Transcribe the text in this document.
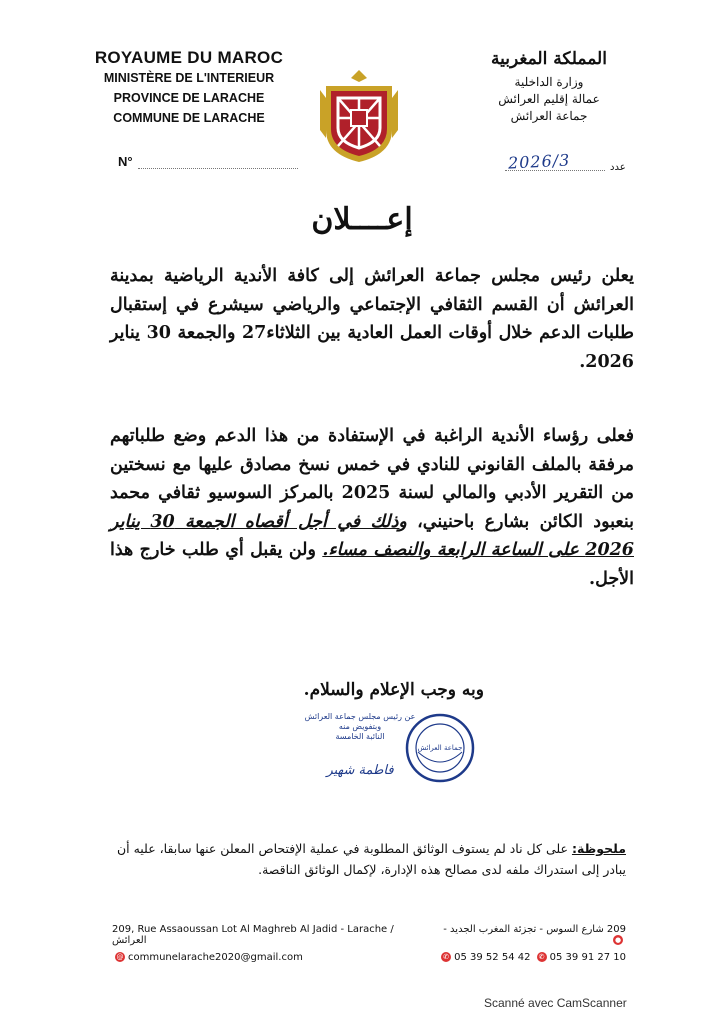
ROYAUME DU MAROC
MINISTÈRE DE L'INTERIEUR
PROVINCE DE LARACHE
COMMUNE DE LARACHE
N°
المملكة المغربية
وزارة الداخلية
عمالة إقليم العرائش
جماعة العرائش
2026/3	عدد
إعــــلان
يعلن رئيس مجلس جماعة العرائش إلى كافة الأندية الرياضية بمدينة العرائش أن القسم الثقافي الإجتماعي والرياضي سيشرع في إستقبال طلبات الدعم خلال أوقات العمل العادية بين الثلاثاء27 والجمعة 30 يناير 2026.
فعلى رؤساء الأندية الراغبة في الإستفادة من هذا الدعم وضع طلباتهم مرفقة بالملف القانوني للنادي في خمس نسخ مصادق عليها مع نسختين من التقرير الأدبي والمالي لسنة 2025 بالمركز السوسيو ثقافي محمد بنعبود الكائن بشارع باحنيني، وذلك في أجل أقصاه الجمعة 30 يناير 2026 على الساعة الرابعة والنصف مساء. ولن يقبل أي طلب خارج هذا الأجل.
وبه وجب الإعلام والسلام.
عن رئيس مجلس جماعة العرائش
وبتفويض منه
النائبة الخامسة
فاطمة شهير
جماعة العرائش
ملحوظة: على كل ناد لم يستوف الوثائق المطلوبة في عملية الإفتحاص المعلن عنها سابقا، عليه أن يبادر إلى استدراك ملفه لدى مصالح هذه الإدارة، لإكمال الوثائق الناقصة.
209, Rue Assaoussan Lot Al Maghreb Al Jadid - Larache / العرائش
209 شارع السوس - تجزئة المغرب الجديد -●
@ communelarache2020@gmail.com	✆ 05 39 52 54 42 ✆ 05 39 91 27 10
Scanné avec CamScanner
